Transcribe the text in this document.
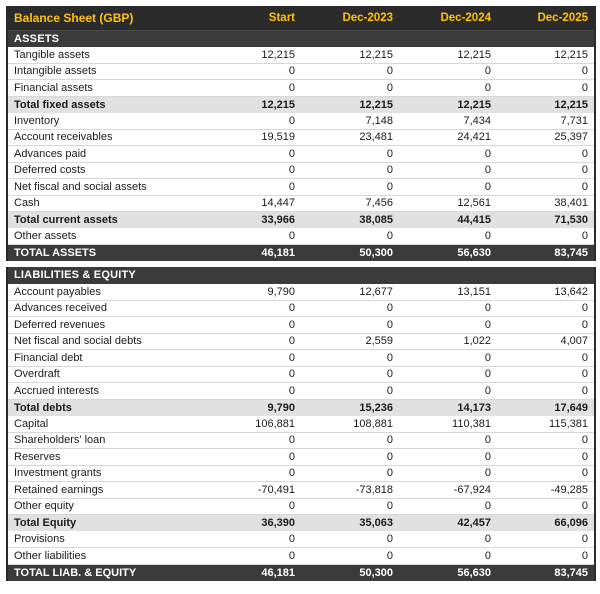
Balance Sheet (GBP)	Start	Dec-2023	Dec-2024	Dec-2025
ASSETS				
Tangible assets	12,215	12,215	12,215	12,215
Intangible assets	0	0	0	0
Financial assets	0	0	0	0
Total fixed assets	12,215	12,215	12,215	12,215
Inventory	0	7,148	7,434	7,731
Account receivables	19,519	23,481	24,421	25,397
Advances paid	0	0	0	0
Deferred costs	0	0	0	0
Net fiscal and social assets	0	0	0	0
Cash	14,447	7,456	12,561	38,401
Total current assets	33,966	38,085	44,415	71,530
Other assets	0	0	0	0
TOTAL ASSETS	46,181	50,300	56,630	83,745

LIABILITIES & EQUITY				
Account payables	9,790	12,677	13,151	13,642
Advances received	0	0	0	0
Deferred revenues	0	0	0	0
Net fiscal and social debts	0	2,559	1,022	4,007
Financial debt	0	0	0	0
Overdraft	0	0	0	0
Accrued interests	0	0	0	0
Total debts	9,790	15,236	14,173	17,649
Capital	106,881	108,881	110,381	115,381
Shareholders' loan	0	0	0	0
Reserves	0	0	0	0
Investment grants	0	0	0	0
Retained earnings	-70,491	-73,818	-67,924	-49,285
Other equity	0	0	0	0
Total Equity	36,390	35,063	42,457	66,096
Provisions	0	0	0	0
Other liabilities	0	0	0	0
TOTAL LIAB. & EQUITY	46,181	50,300	56,630	83,745
